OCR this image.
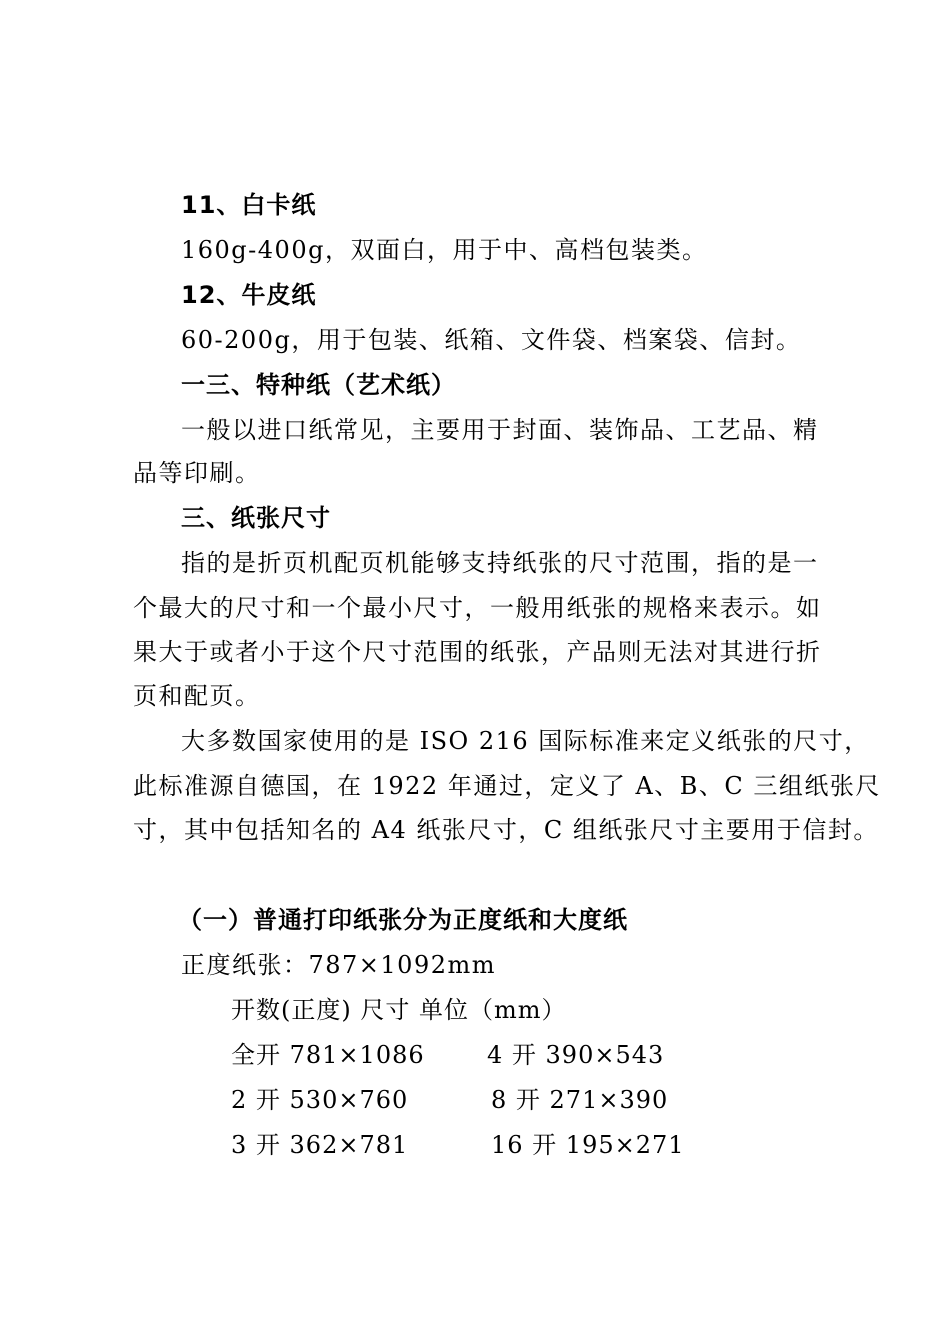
11、白卡纸
160g-400g，双面白，用于中、高档包装类。
12、牛皮纸
60-200g，用于包装、纸箱、文件袋、档案袋、信封。
一三、特种纸（艺术纸）
一般以进口纸常见，主要用于封面、装饰品、工艺品、精
品等印刷。
三、纸张尺寸
指的是折页机配页机能够支持纸张的尺寸范围，指的是一
个最大的尺寸和一个最小尺寸，一般用纸张的规格来表示。如
果大于或者小于这个尺寸范围的纸张，产品则无法对其进行折
页和配页。
大多数国家使用的是 ISO 216 国际标准来定义纸张的尺寸，
此标准源自德国，在 1922 年通过，定义了 A、B、C 三组纸张尺
寸，其中包括知名的 A4 纸张尺寸，C 组纸张尺寸主要用于信封。
（一）普通打印纸张分为正度纸和大度纸
正度纸张：787×1092mm
开数(正度) 尺寸 单位（mm）
全开 781×1086	4 开 390×543
2 开 530×760	8 开 271×390
3 开 362×781	16 开 195×271
